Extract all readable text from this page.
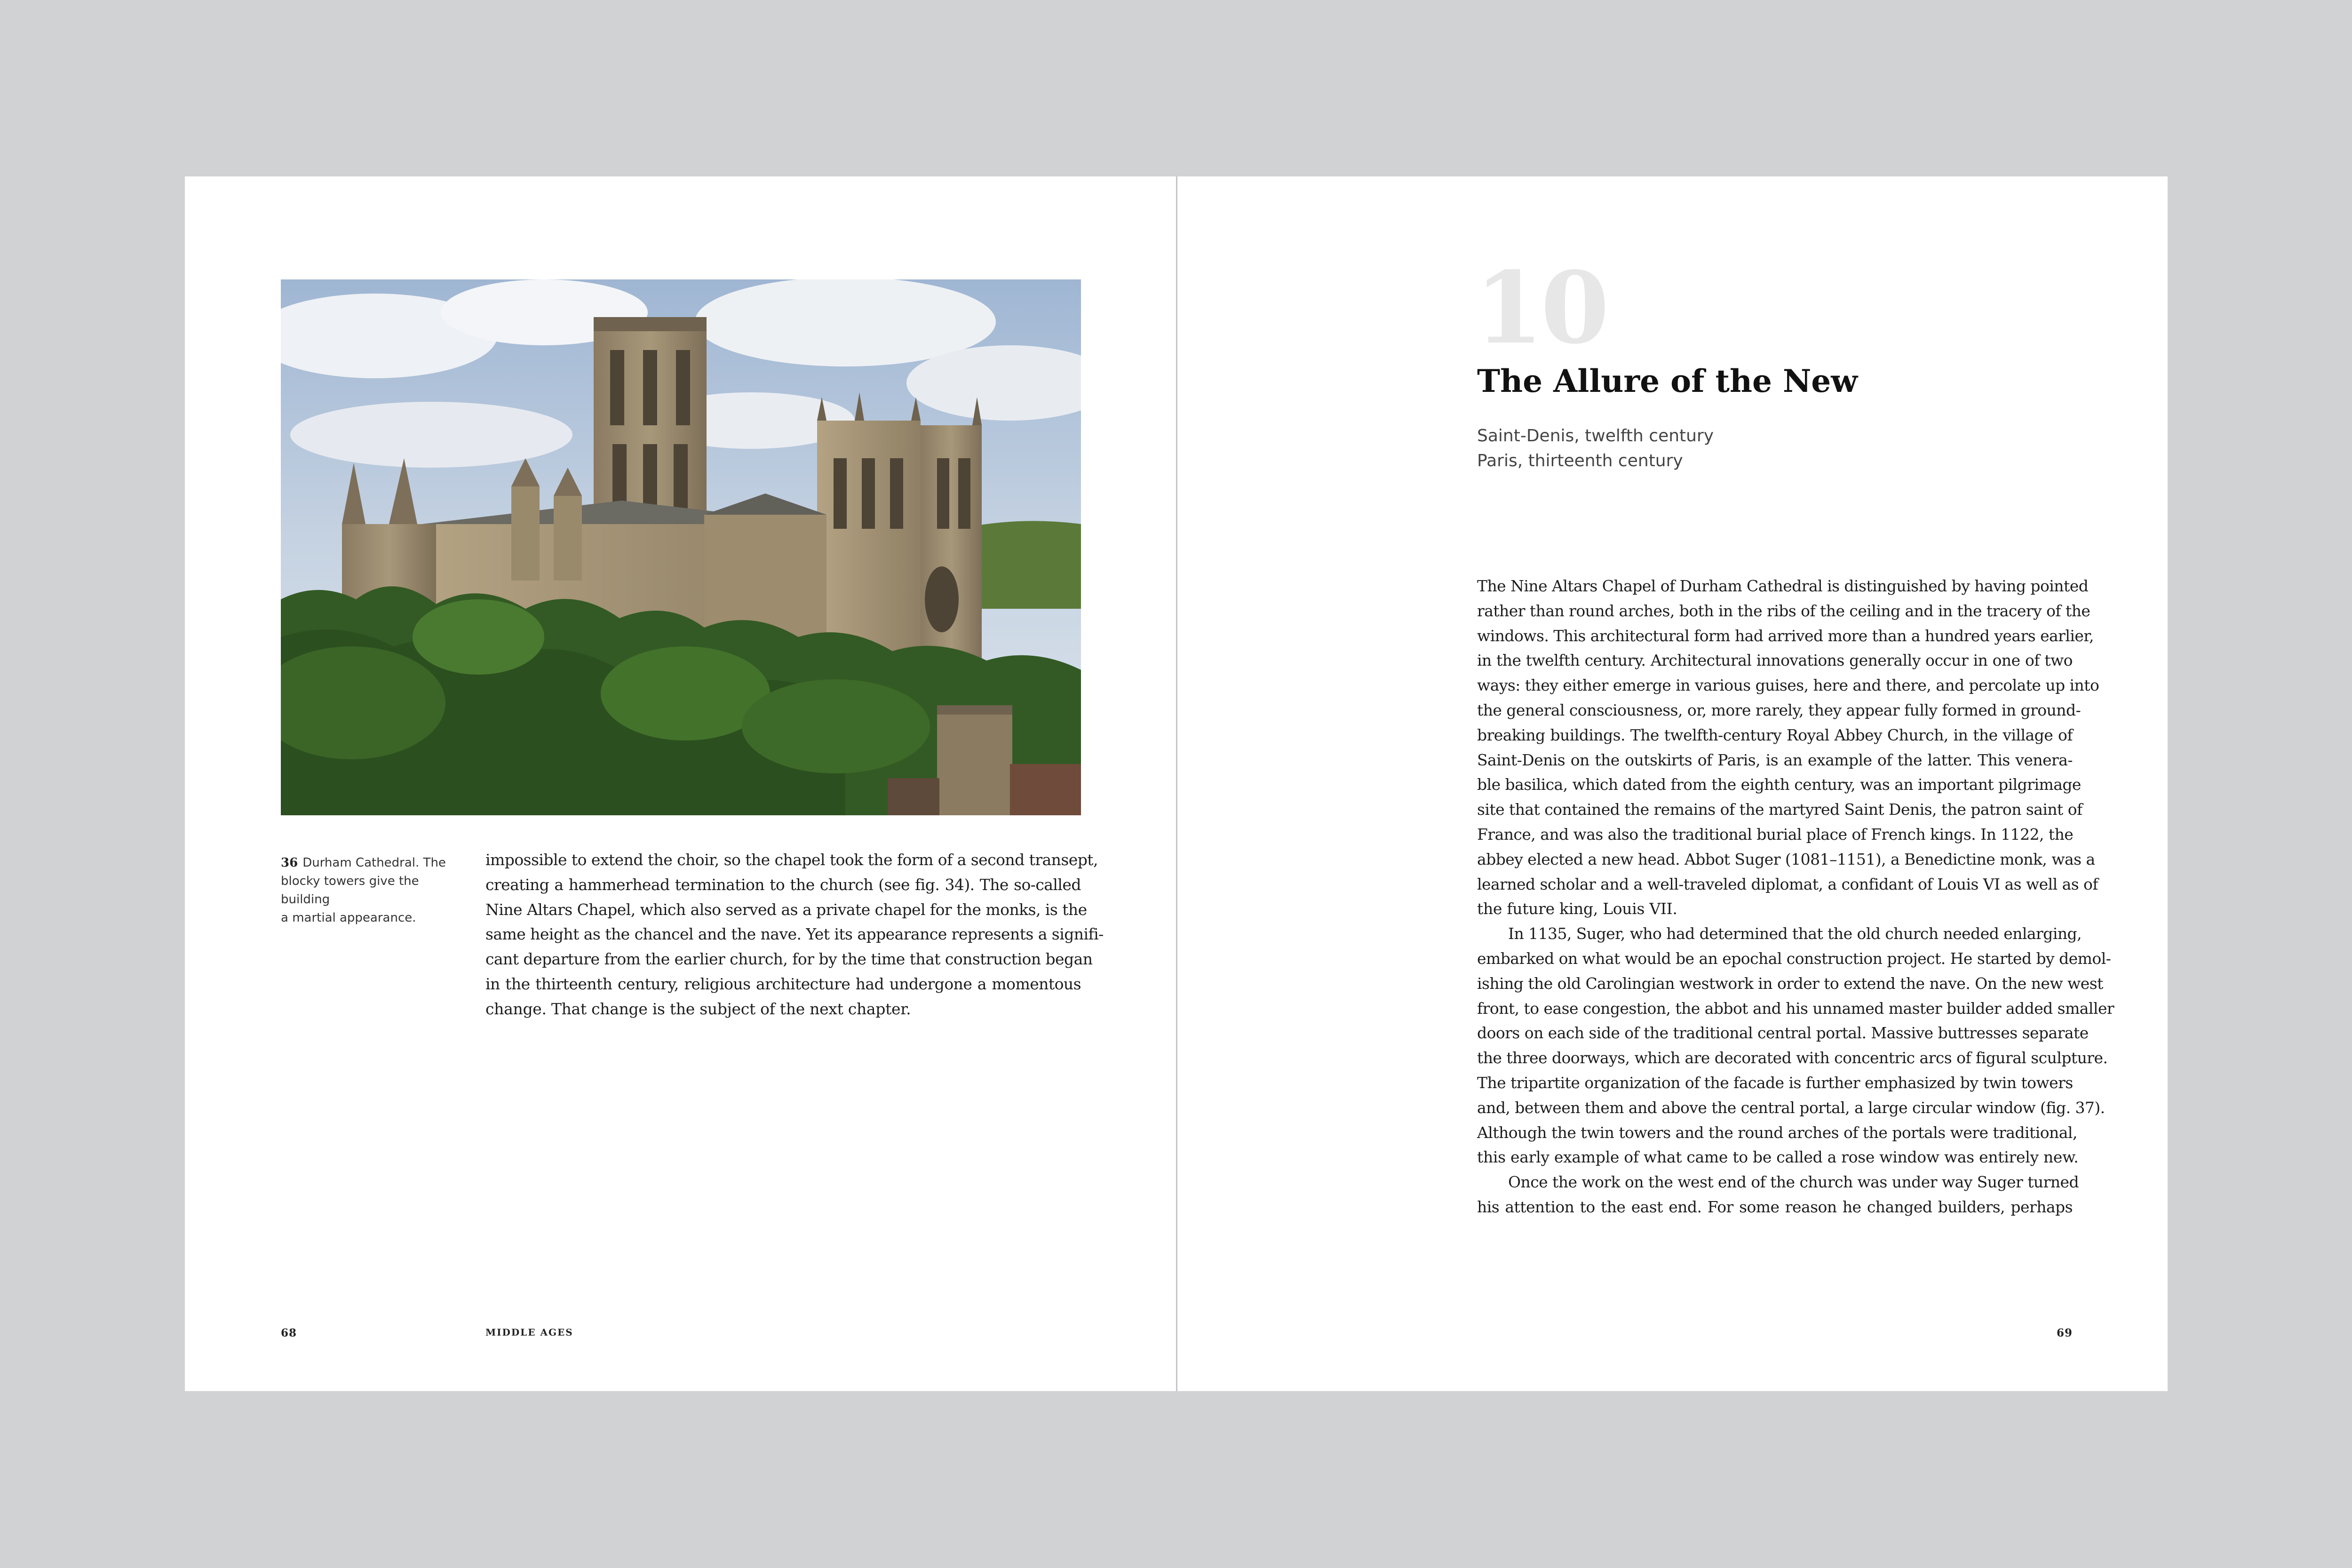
36 Durham Cathedral. The
blocky towers give the building
a martial appearance.
impossible to extend the choir, so the chapel took the form of a second transept,
creating a hammerhead termination to the church (see fig. 34). The so-called
Nine Altars Chapel, which also served as a private chapel for the monks, is the
same height as the chancel and the nave. Yet its appearance represents a signifi-
cant departure from the earlier church, for by the time that construction began
in the thirteenth century, religious architecture had undergone a momentous
change. That change is the subject of the next chapter.
68	MIDDLE AGES
10
The Allure of the New
Saint-Denis, twelfth century
Paris, thirteenth century
The Nine Altars Chapel of Durham Cathedral is distinguished by having pointed
rather than round arches, both in the ribs of the ceiling and in the tracery of the
windows. This architectural form had arrived more than a hundred years earlier,
in the twelfth century. Architectural innovations generally occur in one of two
ways: they either emerge in various guises, here and there, and percolate up into
the general consciousness, or, more rarely, they appear fully formed in ground-
breaking buildings. The twelfth-century Royal Abbey Church, in the village of
Saint-Denis on the outskirts of Paris, is an example of the latter. This venera-
ble basilica, which dated from the eighth century, was an important pilgrimage
site that contained the remains of the martyred Saint Denis, the patron saint of
France, and was also the traditional burial place of French kings. In 1122, the
abbey elected a new head. Abbot Suger (1081–1151), a Benedictine monk, was a
learned scholar and a well-traveled diplomat, a confidant of Louis VI as well as of
the future king, Louis VII.
In 1135, Suger, who had determined that the old church needed enlarging,
embarked on what would be an epochal construction project. He started by demol-
ishing the old Carolingian westwork in order to extend the nave. On the new west
front, to ease congestion, the abbot and his unnamed master builder added smaller
doors on each side of the traditional central portal. Massive buttresses separate
the three doorways, which are decorated with concentric arcs of figural sculpture.
The tripartite organization of the facade is further emphasized by twin towers
and, between them and above the central portal, a large circular window (fig. 37).
Although the twin towers and the round arches of the portals were traditional,
this early example of what came to be called a rose window was entirely new.
Once the work on the west end of the church was under way Suger turned
his attention to the east end. For some reason he changed builders, perhaps
69
